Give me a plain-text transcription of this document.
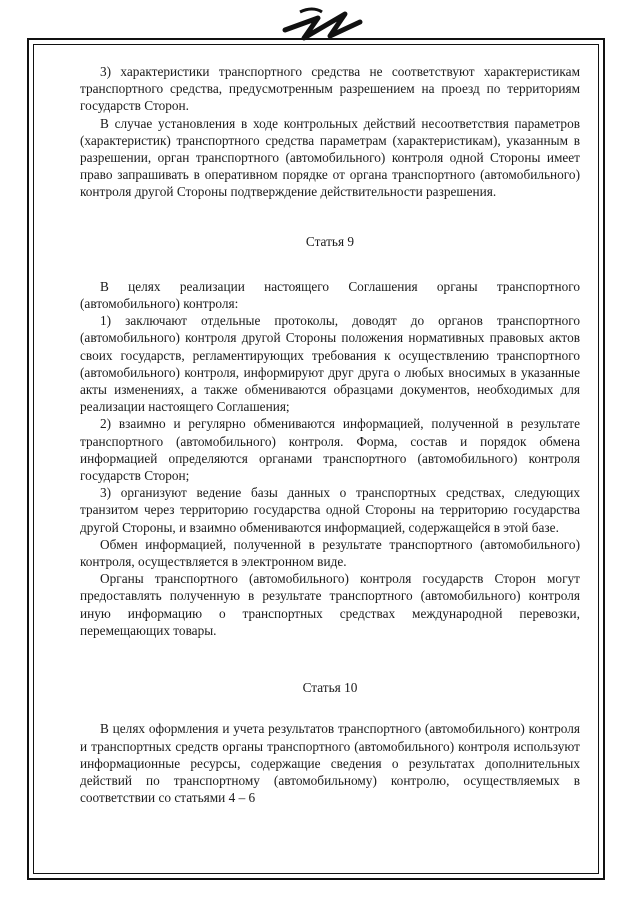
3) характеристики транспортного средства не соответствуют характеристикам транспортного средства, предусмотренным разрешением на проезд по территориям государств Сторон.

В случае установления в ходе контрольных действий несоответствия параметров (характеристик) транспортного средства параметрам (характеристикам), указанным в разрешении, орган транспортного (автомобильного) контроля одной Стороны имеет право запрашивать в оперативном порядке от органа транспортного (автомобильного) контроля другой Стороны подтверждение действительности разрешения.

Статья 9

В целях реализации настоящего Соглашения органы транспортного (автомобильного) контроля:

1) заключают отдельные протоколы, доводят до органов транспортного (автомобильного) контроля другой Стороны положения нормативных правовых актов своих государств, регламентирующих требования к осуществлению транспортного (автомобильного) контроля, информируют друг друга о любых вносимых в указанные акты изменениях, а также обмениваются образцами документов, необходимых для реализации настоящего Соглашения;

2) взаимно и регулярно обмениваются информацией, полученной в результате транспортного (автомобильного) контроля. Форма, состав и порядок обмена информацией определяются органами транспортного (автомобильного) контроля государств Сторон;

3) организуют ведение базы данных о транспортных средствах, следующих транзитом через территорию государства одной Стороны на территорию государства другой Стороны, и взаимно обмениваются информацией, содержащейся в этой базе.

Обмен информацией, полученной в результате транспортного (автомобильного) контроля, осуществляется в электронном виде.

Органы транспортного (автомобильного) контроля государств Сторон могут предоставлять полученную в результате транспортного (автомобильного) контроля иную информацию о транспортных средствах международной перевозки, перемещающих товары.

Статья 10

В целях оформления и учета результатов транспортного (автомобильного) контроля и транспортных средств органы транспортного (автомобильного) контроля используют информационные ресурсы, содержащие сведения о результатах дополнительных действий по транспортному (автомобильному) контролю, осуществляемых в соответствии со статьями 4 – 6
